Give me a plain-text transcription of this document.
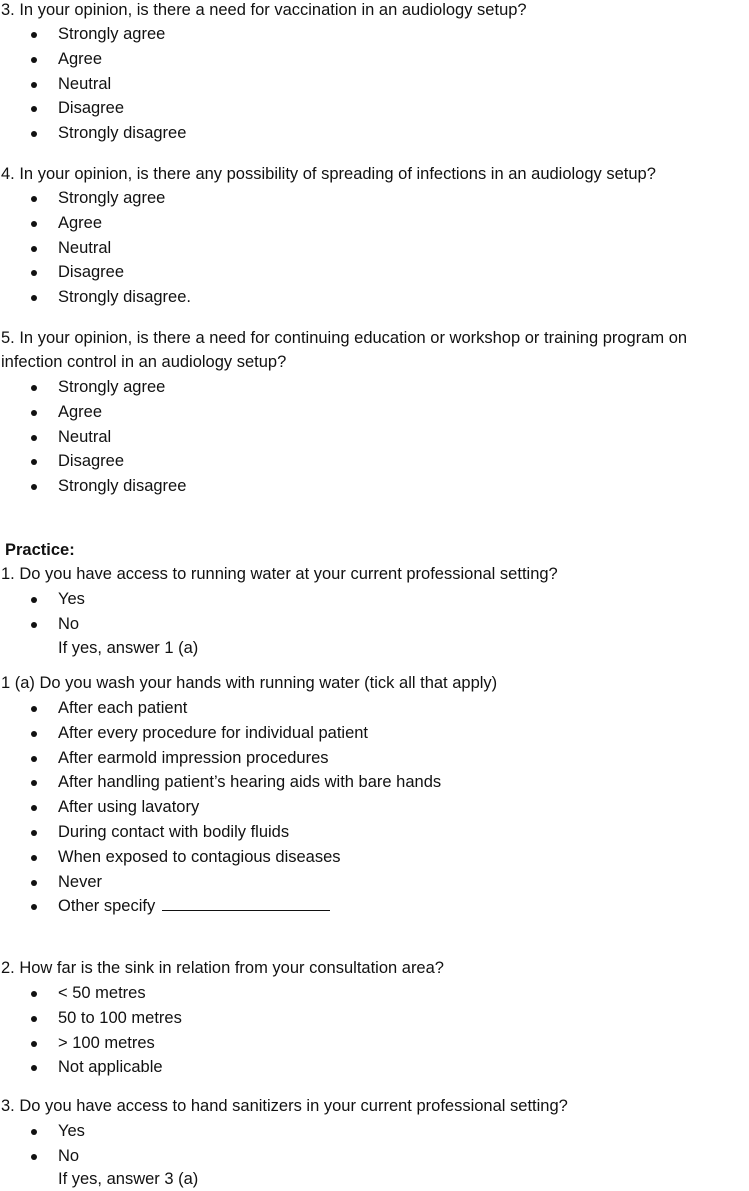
3. In your opinion, is there a need for vaccination in an audiology setup?
Strongly agree
Agree
Neutral
Disagree
Strongly disagree
4. In your opinion, is there any possibility of spreading of infections in an audiology setup?
Strongly agree
Agree
Neutral
Disagree
Strongly disagree.
5. In your opinion, is there a need for continuing education or workshop or training program on infection control in an audiology setup?
Strongly agree
Agree
Neutral
Disagree
Strongly disagree
Practice:
1. Do you have access to running water at your current professional setting?
Yes
No
If yes, answer 1 (a)
1 (a) Do you wash your hands with running water (tick all that apply)
After each patient
After every procedure for individual patient
After earmold impression procedures
After handling patient’s hearing aids with bare hands
After using lavatory
During contact with bodily fluids
When exposed to contagious diseases
Never
Other specify
2. How far is the sink in relation from your consultation area?
< 50 metres
50 to 100 metres
> 100 metres
Not applicable
3. Do you have access to hand sanitizers in your current professional setting?
Yes
No
If yes, answer 3 (a)
